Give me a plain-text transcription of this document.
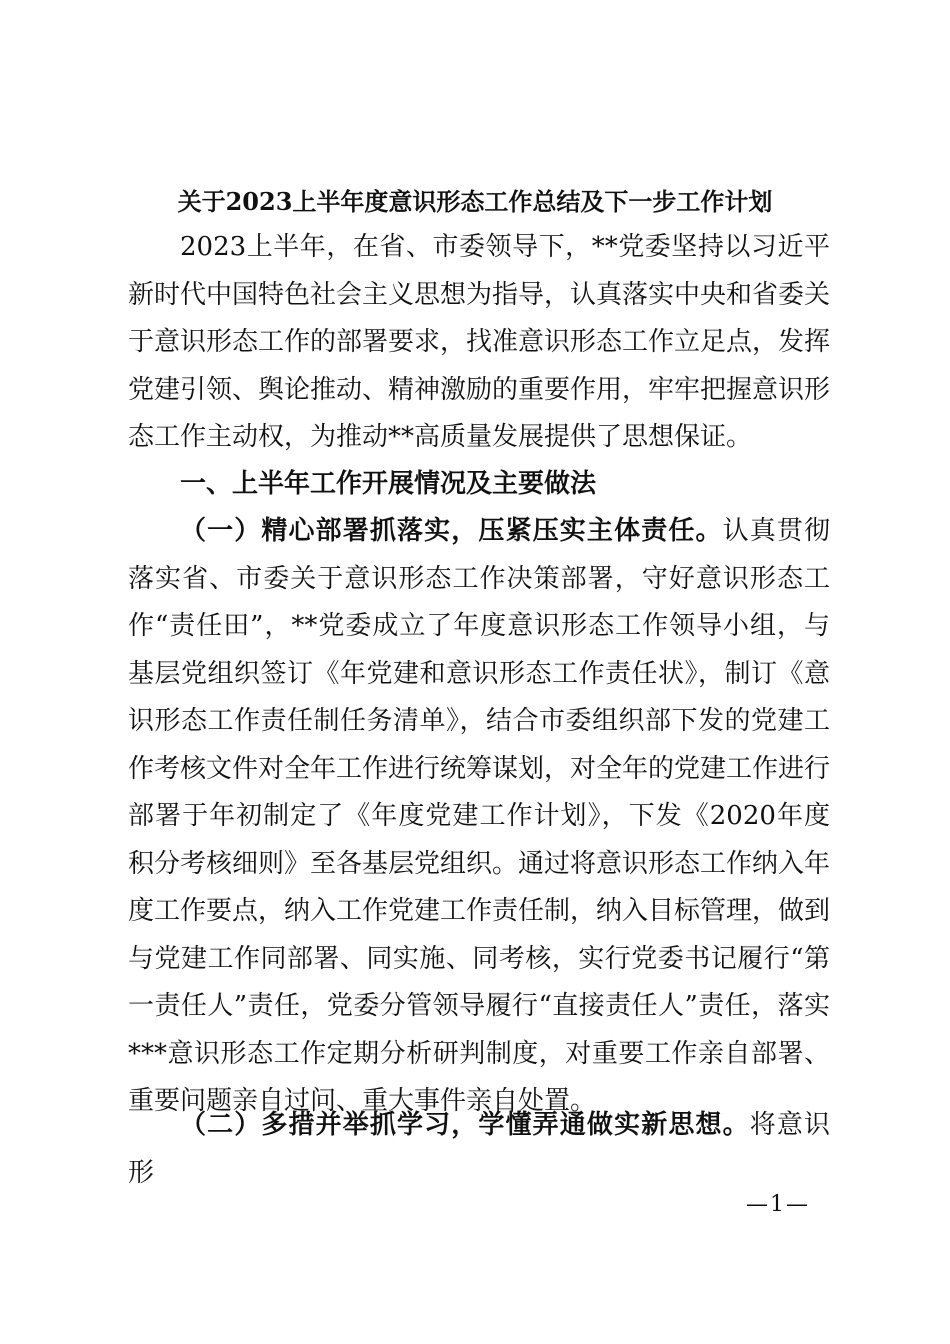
关于2023上半年度意识形态工作总结及下一步工作计划

2023上半年，在省、市委领导下，**党委坚持以习近平新时代中国特色社会主义思想为指导，认真落实中央和省委关于意识形态工作的部署要求，找准意识形态工作立足点，发挥党建引领、舆论推动、精神激励的重要作用，牢牢把握意识形态工作主动权，为推动**高质量发展提供了思想保证。

一、上半年工作开展情况及主要做法

（一）精心部署抓落实，压紧压实主体责任。认真贯彻落实省、市委关于意识形态工作决策部署，守好意识形态工作“责任田”，**党委成立了年度意识形态工作领导小组，与基层党组织签订《年党建和意识形态工作责任状》，制订《意识形态工作责任制任务清单》，结合市委组织部下发的党建工作考核文件对全年工作进行统筹谋划，对全年的党建工作进行部署于年初制定了《年度党建工作计划》，下发《2020年度积分考核细则》至各基层党组织。通过将意识形态工作纳入年度工作要点，纳入工作党建工作责任制，纳入目标管理，做到与党建工作同部署、同实施、同考核，实行党委书记履行“第一责任人”责任，党委分管领导履行“直接责任人”责任，落实***意识形态工作定期分析研判制度，对重要工作亲自部署、重要问题亲自过问、重大事件亲自处置。

（二）多措并举抓学习，学懂弄通做实新思想。将意识形

—1—
